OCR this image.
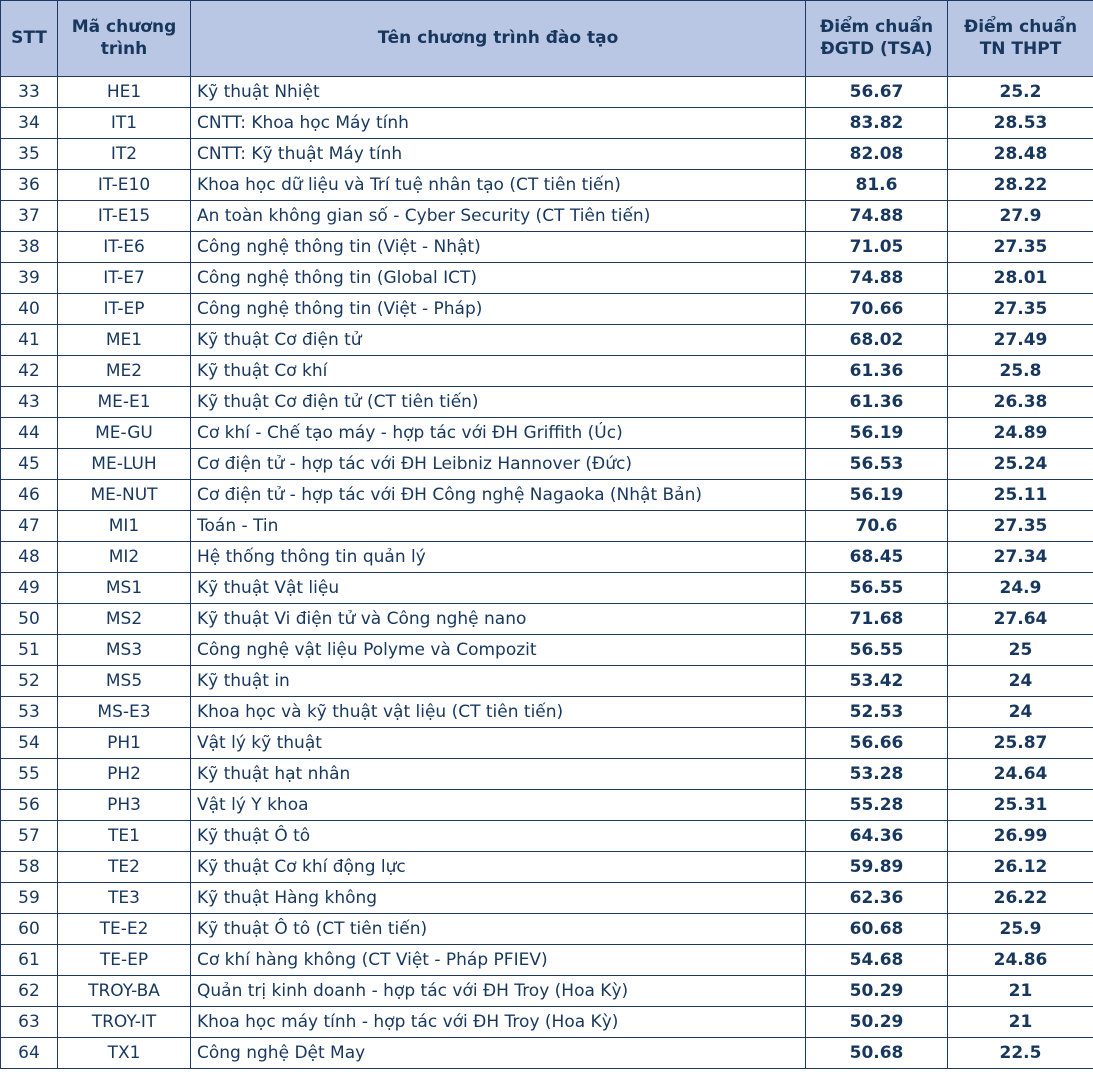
STT	Mã chương trình	Tên chương trình đào tạo	Điểm chuẩn ĐGTD (TSA)	Điểm chuẩn TN THPT
33	HE1	Kỹ thuật Nhiệt	56.67	25.2
34	IT1	CNTT: Khoa học Máy tính	83.82	28.53
35	IT2	CNTT: Kỹ thuật Máy tính	82.08	28.48
36	IT-E10	Khoa học dữ liệu và Trí tuệ nhân tạo (CT tiên tiến)	81.6	28.22
37	IT-E15	An toàn không gian số - Cyber Security (CT Tiên tiến)	74.88	27.9
38	IT-E6	Công nghệ thông tin (Việt - Nhật)	71.05	27.35
39	IT-E7	Công nghệ thông tin (Global ICT)	74.88	28.01
40	IT-EP	Công nghệ thông tin (Việt - Pháp)	70.66	27.35
41	ME1	Kỹ thuật Cơ điện tử	68.02	27.49
42	ME2	Kỹ thuật Cơ khí	61.36	25.8
43	ME-E1	Kỹ thuật Cơ điện tử (CT tiên tiến)	61.36	26.38
44	ME-GU	Cơ khí - Chế tạo máy - hợp tác với ĐH Griffith (Úc)	56.19	24.89
45	ME-LUH	Cơ điện tử - hợp tác với ĐH Leibniz Hannover (Đức)	56.53	25.24
46	ME-NUT	Cơ điện tử - hợp tác với ĐH Công nghệ Nagaoka (Nhật Bản)	56.19	25.11
47	MI1	Toán - Tin	70.6	27.35
48	MI2	Hệ thống thông tin quản lý	68.45	27.34
49	MS1	Kỹ thuật Vật liệu	56.55	24.9
50	MS2	Kỹ thuật Vi điện tử và Công nghệ nano	71.68	27.64
51	MS3	Công nghệ vật liệu Polyme và Compozit	56.55	25
52	MS5	Kỹ thuật in	53.42	24
53	MS-E3	Khoa học và kỹ thuật vật liệu (CT tiên tiến)	52.53	24
54	PH1	Vật lý kỹ thuật	56.66	25.87
55	PH2	Kỹ thuật hạt nhân	53.28	24.64
56	PH3	Vật lý Y khoa	55.28	25.31
57	TE1	Kỹ thuật Ô tô	64.36	26.99
58	TE2	Kỹ thuật Cơ khí động lực	59.89	26.12
59	TE3	Kỹ thuật Hàng không	62.36	26.22
60	TE-E2	Kỹ thuật Ô tô (CT tiên tiến)	60.68	25.9
61	TE-EP	Cơ khí hàng không (CT Việt - Pháp PFIEV)	54.68	24.86
62	TROY-BA	Quản trị kinh doanh - hợp tác với ĐH Troy (Hoa Kỳ)	50.29	21
63	TROY-IT	Khoa học máy tính - hợp tác với ĐH Troy (Hoa Kỳ)	50.29	21
64	TX1	Công nghệ Dệt May	50.68	22.5
